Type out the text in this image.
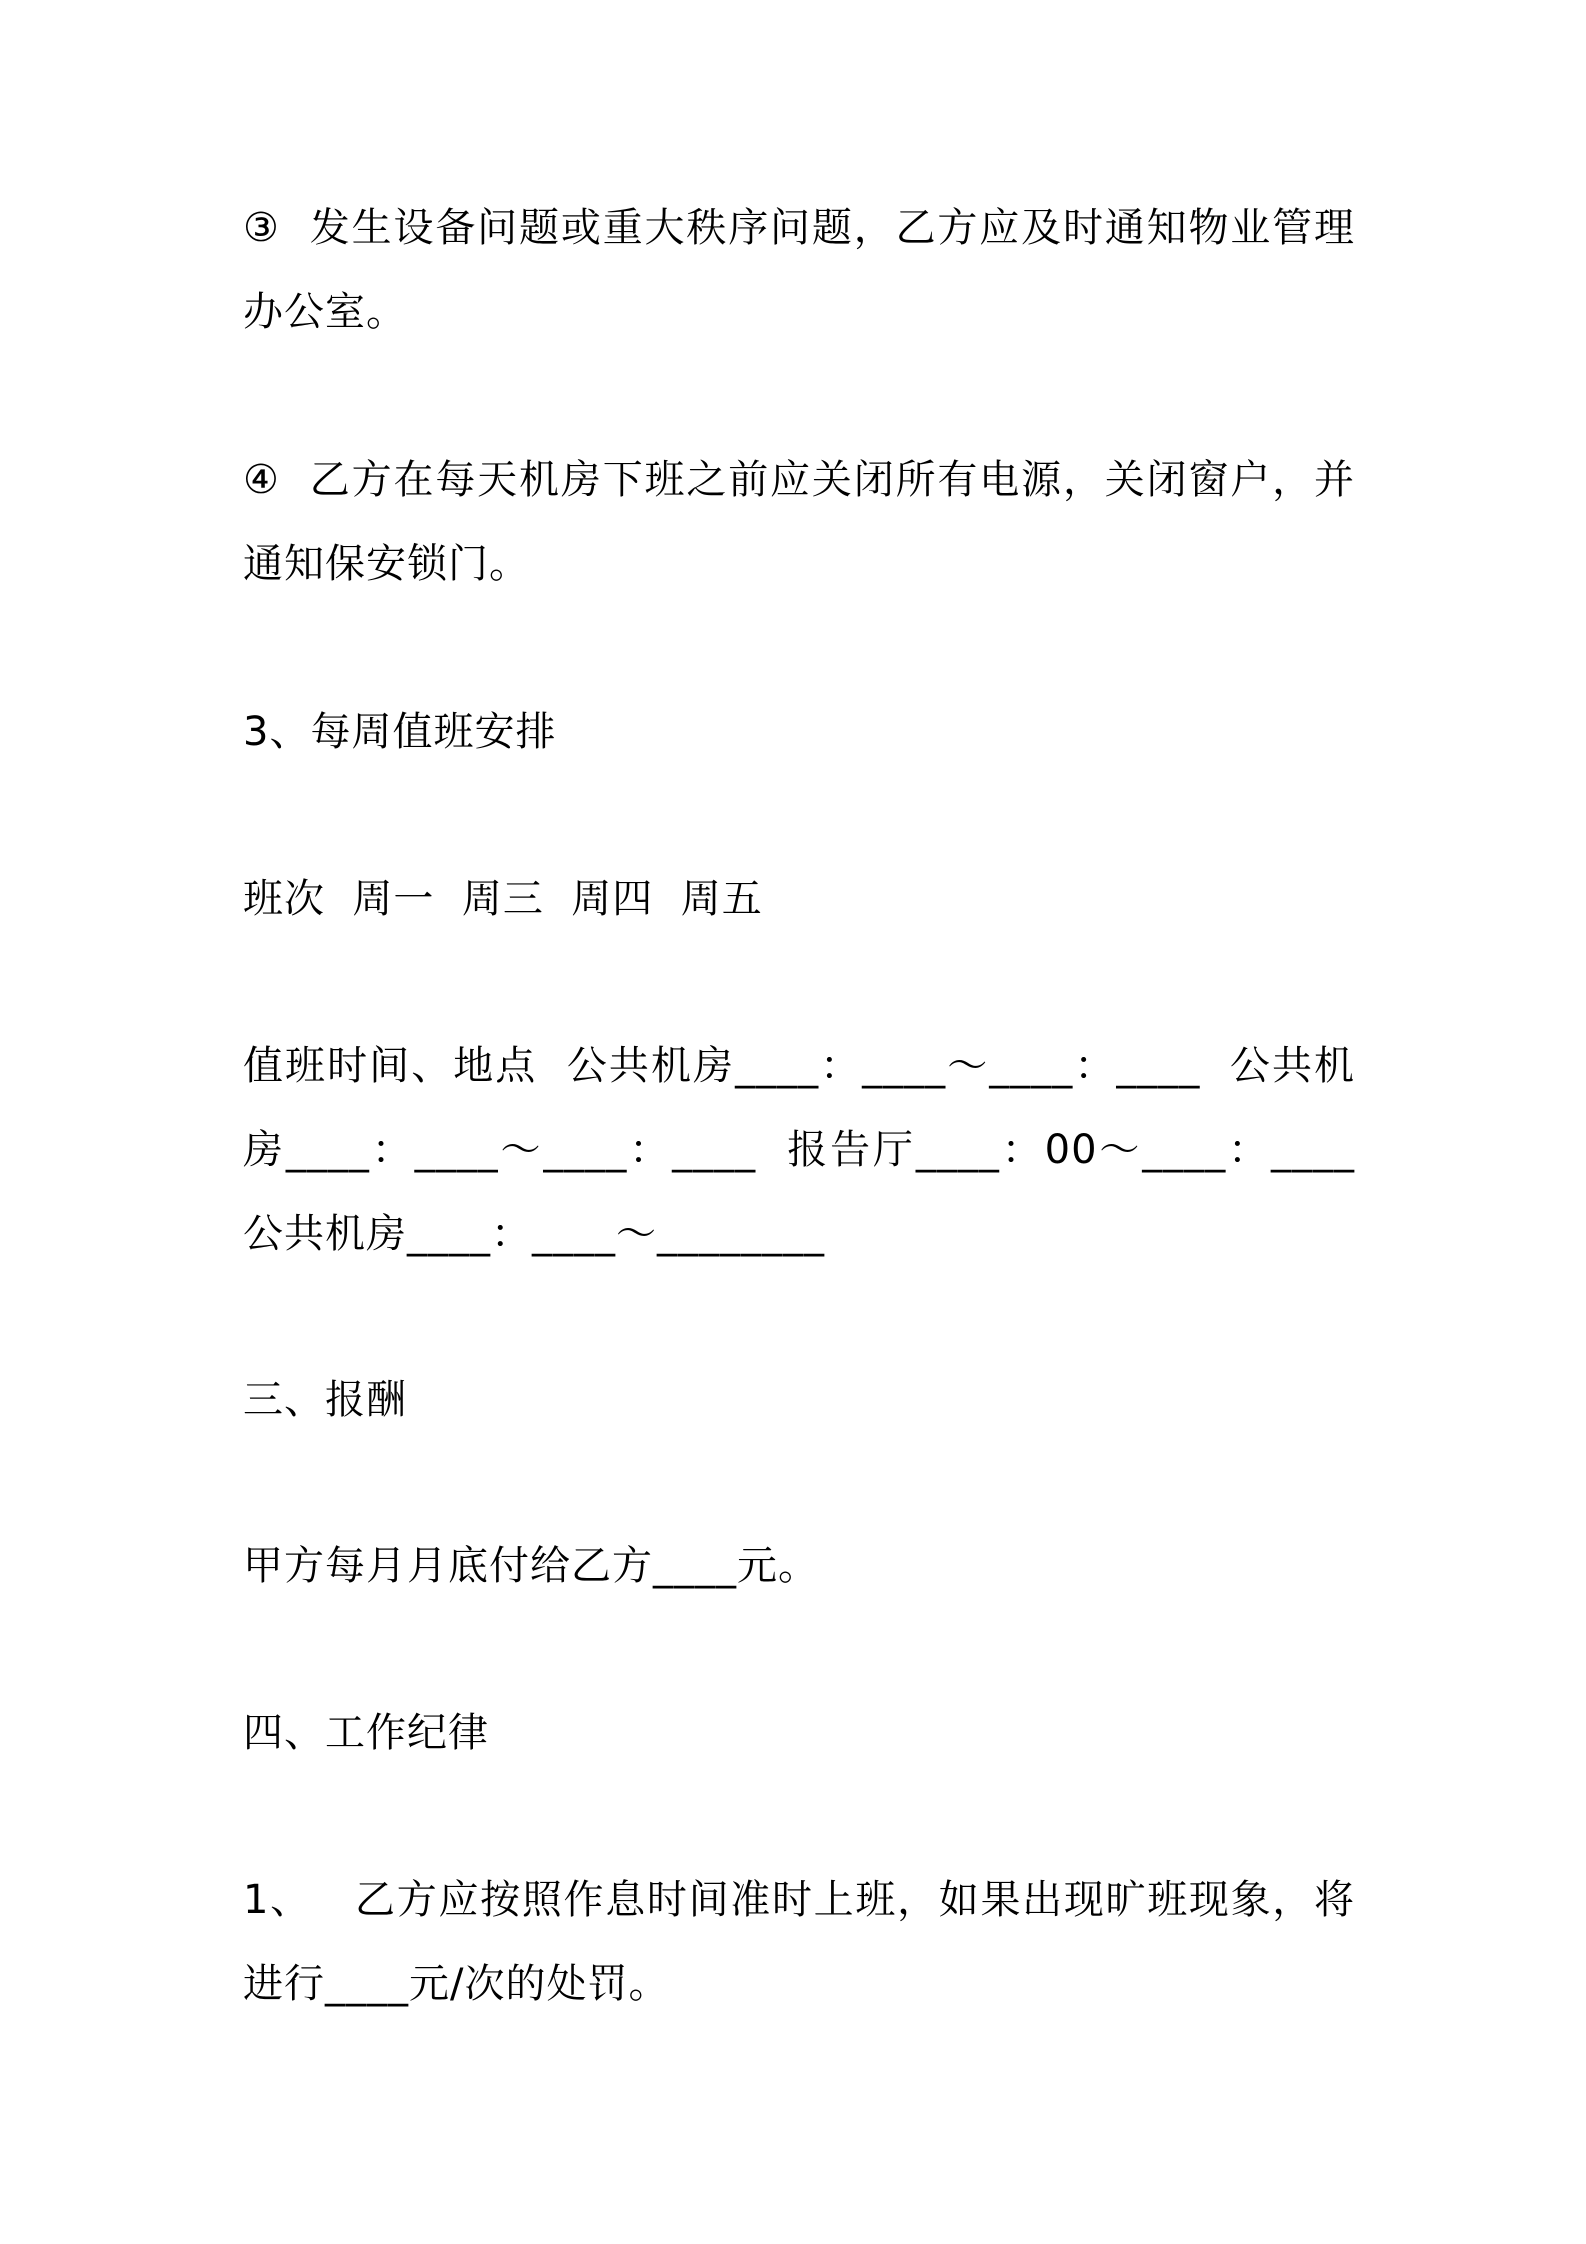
③  发生设备问题或重大秩序问题，乙方应及时通知物业管理办公室。

④  乙方在每天机房下班之前应关闭所有电源，关闭窗户，并通知保安锁门。

3、每周值班安排

班次  周一  周三  周四  周五

值班时间、地点  公共机房____：____～____：____  公共机房____：____～____：____  报告厅____：00～____：____公共机房____：____～________

三、报酬

甲方每月月底付给乙方____元。

四、工作纪律

1、   乙方应按照作息时间准时上班，如果出现旷班现象，将进行____元/次的处罚。
